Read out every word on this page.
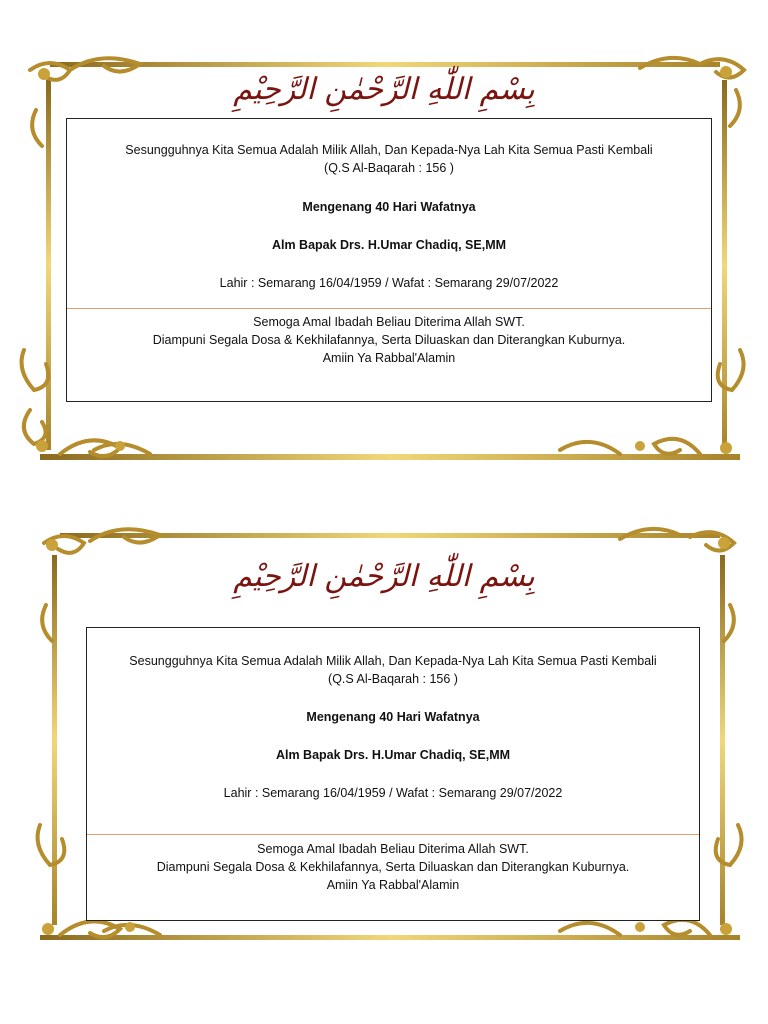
بِسْمِ اللّٰهِ الرَّحْمٰنِ الرَّحِيْمِ
Sesungguhnya Kita Semua Adalah Milik Allah, Dan Kepada-Nya Lah Kita Semua Pasti Kembali
(Q.S Al-Baqarah : 156 )
Mengenang 40 Hari Wafatnya
Alm Bapak Drs. H.Umar Chadiq, SE,MM
Lahir : Semarang 16/04/1959 / Wafat : Semarang 29/07/2022
Semoga Amal Ibadah Beliau Diterima Allah SWT.
Diampuni Segala Dosa & Kekhilafannya, Serta Diluaskan dan Diterangkan Kuburnya.
Amiin Ya Rabbal'Alamin
بِسْمِ اللّٰهِ الرَّحْمٰنِ الرَّحِيْمِ
Sesungguhnya Kita Semua Adalah Milik Allah, Dan Kepada-Nya Lah Kita Semua Pasti Kembali
(Q.S Al-Baqarah : 156 )
Mengenang 40 Hari Wafatnya
Alm Bapak Drs. H.Umar Chadiq, SE,MM
Lahir : Semarang 16/04/1959 / Wafat : Semarang 29/07/2022
Semoga Amal Ibadah Beliau Diterima Allah SWT.
Diampuni Segala Dosa & Kekhilafannya, Serta Diluaskan dan Diterangkan Kuburnya.
Amiin Ya Rabbal'Alamin
